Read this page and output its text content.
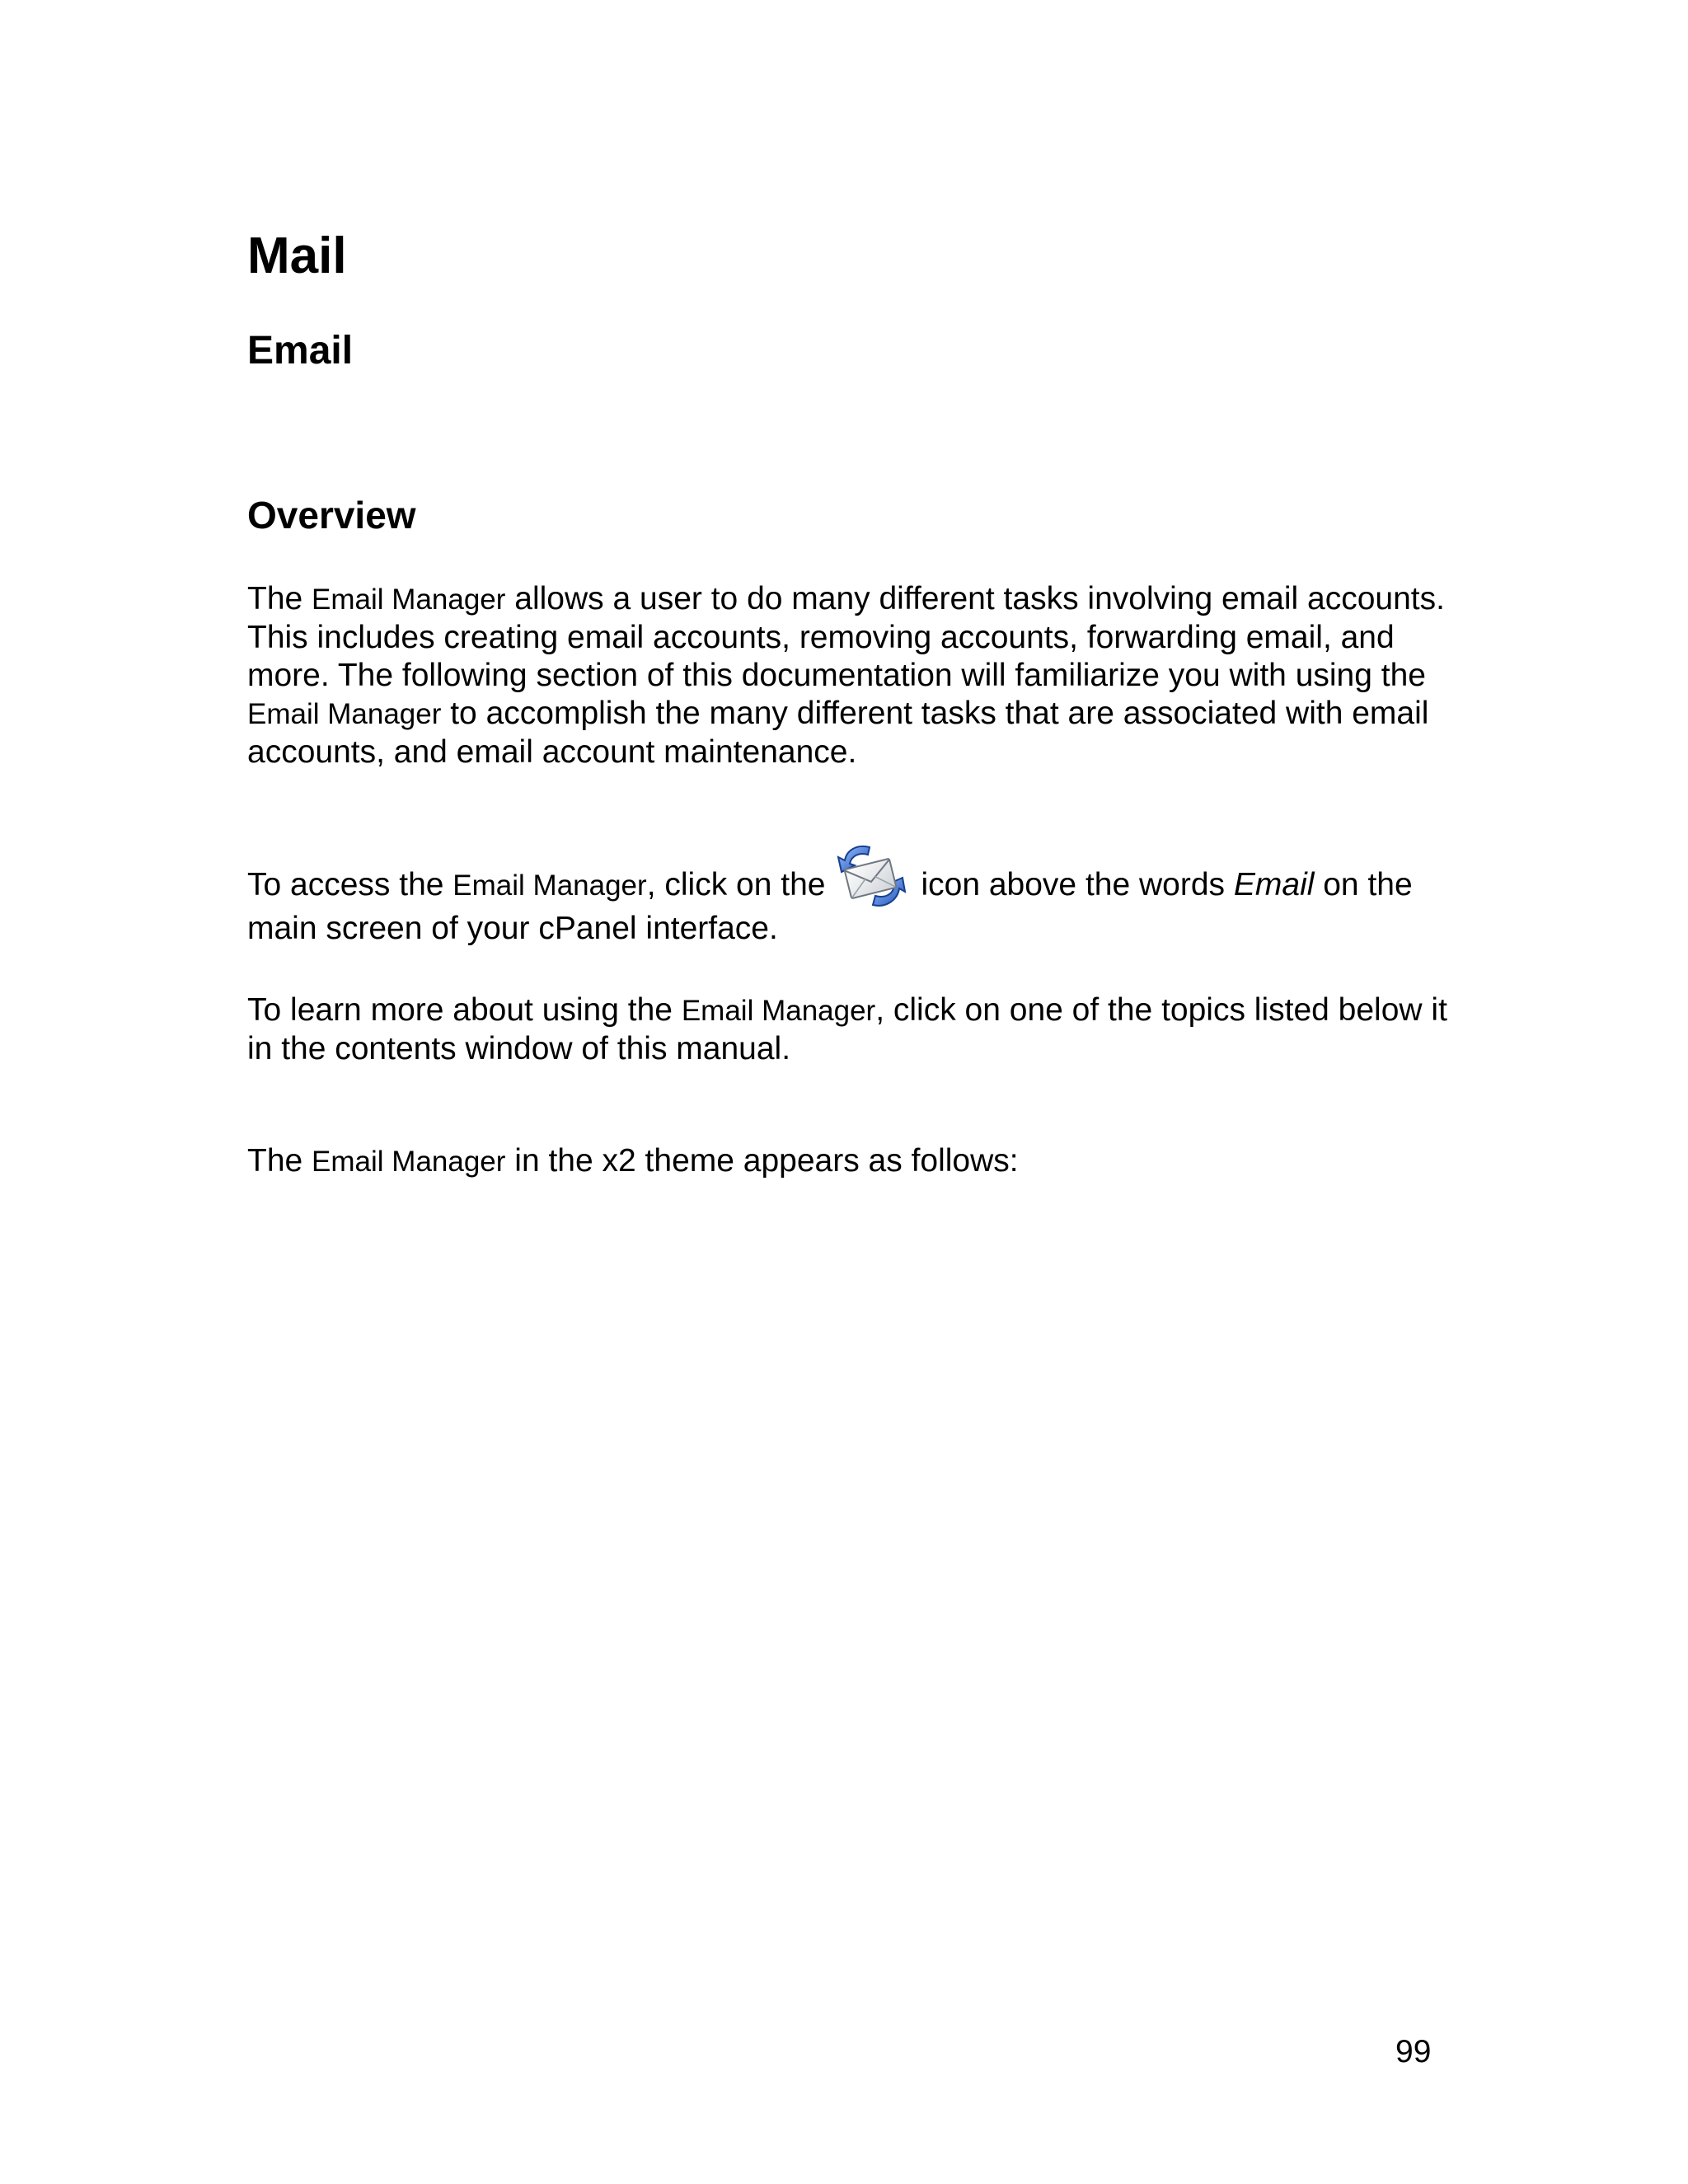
Mail
Email
Overview

The Email Manager allows a user to do many different tasks involving email accounts. This includes creating email accounts, removing accounts, forwarding email, and more. The following section of this documentation will familiarize you with using the Email Manager to accomplish the many different tasks that are associated with email accounts, and email account maintenance.

To access the Email Manager, click on the	icon above the words Email on the main screen of your cPanel interface.

To learn more about using the Email Manager, click on one of the topics listed below it in the contents window of this manual.

The Email Manager in the x2 theme appears as follows:

99
